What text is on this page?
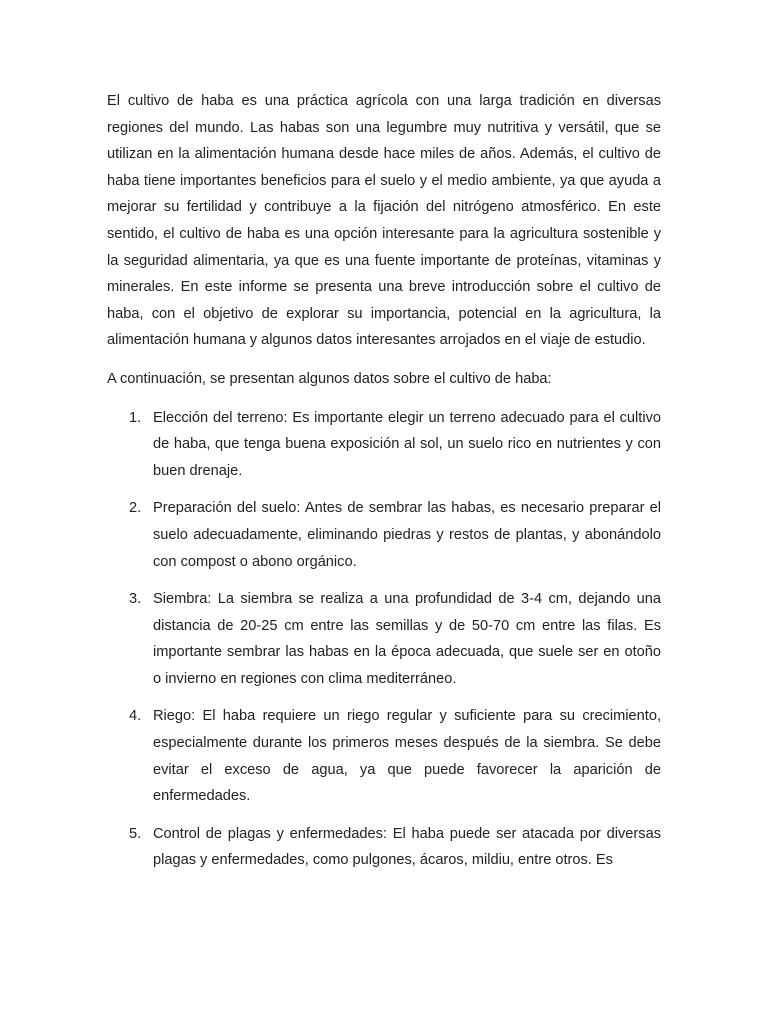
El cultivo de haba es una práctica agrícola con una larga tradición en diversas regiones del mundo. Las habas son una legumbre muy nutritiva y versátil, que se utilizan en la alimentación humana desde hace miles de años. Además, el cultivo de haba tiene importantes beneficios para el suelo y el medio ambiente, ya que ayuda a mejorar su fertilidad y contribuye a la fijación del nitrógeno atmosférico. En este sentido, el cultivo de haba es una opción interesante para la agricultura sostenible y la seguridad alimentaria, ya que es una fuente importante de proteínas, vitaminas y minerales. En este informe se presenta una breve introducción sobre el cultivo de haba, con el objetivo de explorar su importancia, potencial en la agricultura, la alimentación humana y algunos datos interesantes arrojados en el viaje de estudio.

A continuación, se presentan algunos datos sobre el cultivo de haba:

1. Elección del terreno: Es importante elegir un terreno adecuado para el cultivo de haba, que tenga buena exposición al sol, un suelo rico en nutrientes y con buen drenaje.
2. Preparación del suelo: Antes de sembrar las habas, es necesario preparar el suelo adecuadamente, eliminando piedras y restos de plantas, y abonándolo con compost o abono orgánico.
3. Siembra: La siembra se realiza a una profundidad de 3-4 cm, dejando una distancia de 20-25 cm entre las semillas y de 50-70 cm entre las filas. Es importante sembrar las habas en la época adecuada, que suele ser en otoño o invierno en regiones con clima mediterráneo.
4. Riego: El haba requiere un riego regular y suficiente para su crecimiento, especialmente durante los primeros meses después de la siembra. Se debe evitar el exceso de agua, ya que puede favorecer la aparición de enfermedades.
5. Control de plagas y enfermedades: El haba puede ser atacada por diversas plagas y enfermedades, como pulgones, ácaros, mildiu, entre otros. Es
